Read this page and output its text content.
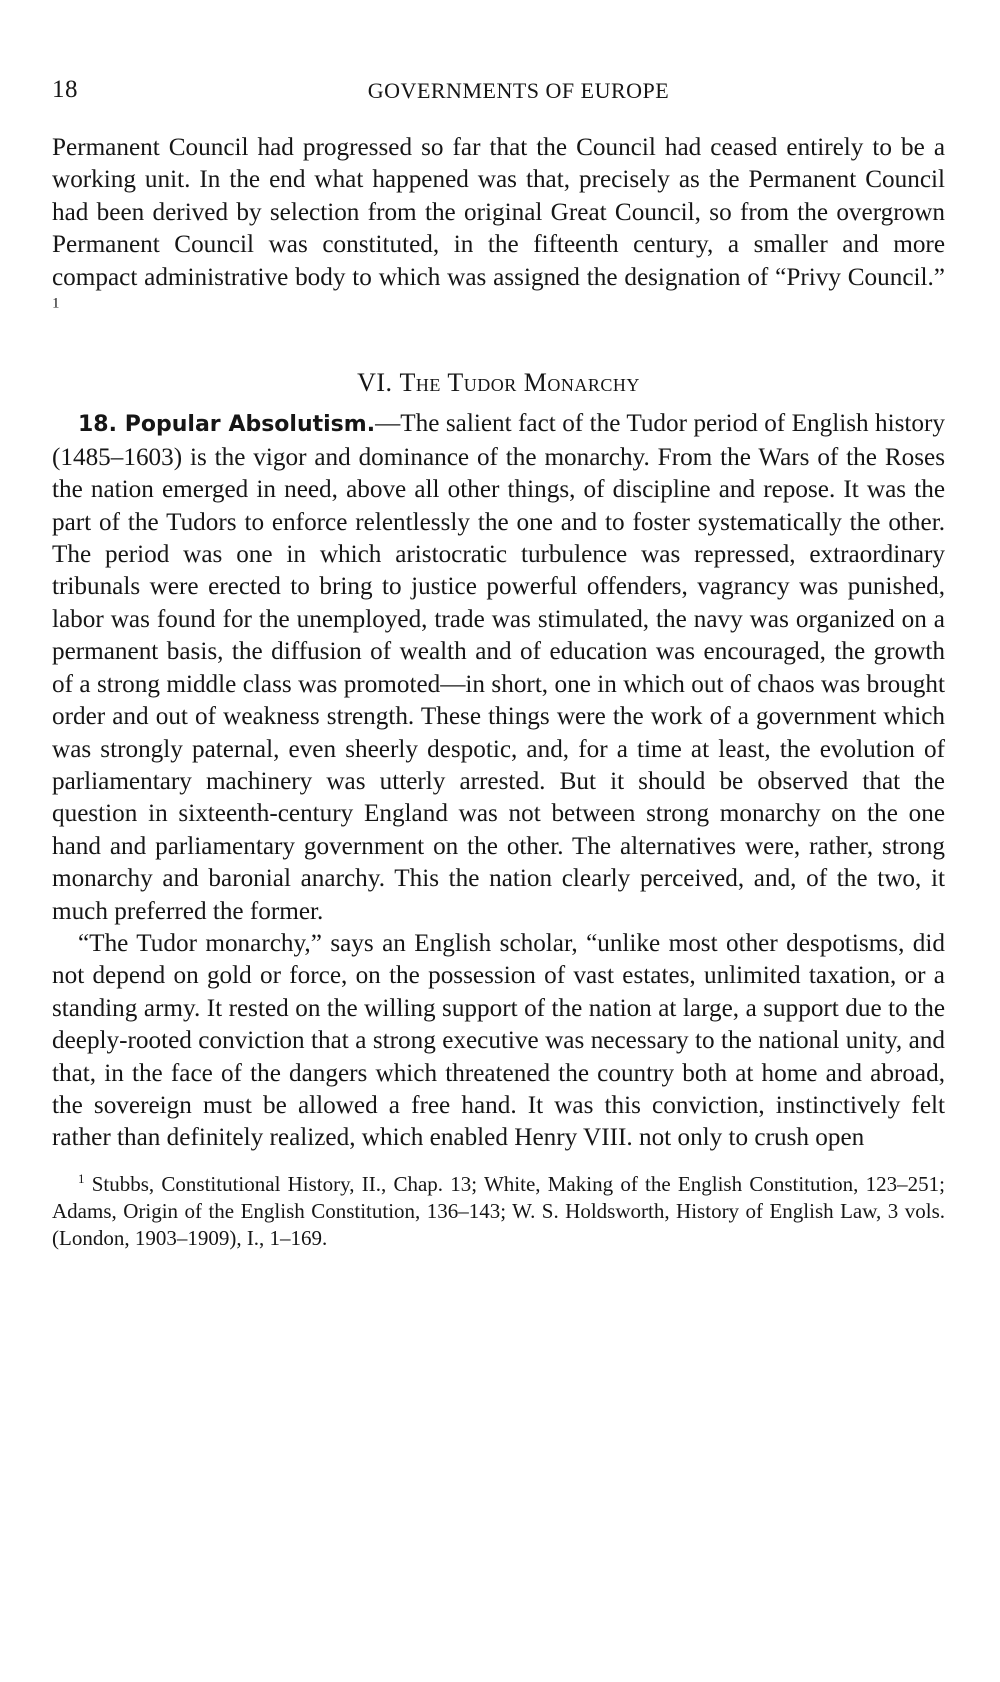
18	GOVERNMENTS OF EUROPE

Permanent Council had progressed so far that the Council had ceased entirely to be a working unit. In the end what happened was that, precisely as the Permanent Council had been derived by selection from the original Great Council, so from the overgrown Permanent Council was constituted, in the fifteenth century, a smaller and more compact administrative body to which was assigned the designation of “Privy Council.” $^1$

VI. The Tudor Monarchy

18. Popular Absolutism.—The salient fact of the Tudor period of English history (1485–1603) is the vigor and dominance of the monarchy. From the Wars of the Roses the nation emerged in need, above all other things, of discipline and repose. It was the part of the Tudors to enforce relentlessly the one and to foster systematically the other. The period was one in which aristocratic turbulence was repressed, extraordinary tribunals were erected to bring to justice powerful offenders, vagrancy was punished, labor was found for the unemployed, trade was stimulated, the navy was organized on a permanent basis, the diffusion of wealth and of education was encouraged, the growth of a strong middle class was promoted—in short, one in which out of chaos was brought order and out of weakness strength. These things were the work of a government which was strongly paternal, even sheerly despotic, and, for a time at least, the evolution of parliamentary machinery was utterly arrested. But it should be observed that the question in sixteenth-century England was not between strong monarchy on the one hand and parliamentary government on the other. The alternatives were, rather, strong monarchy and baronial anarchy. This the nation clearly perceived, and, of the two, it much preferred the former.

“The Tudor monarchy,” says an English scholar, “unlike most other despotisms, did not depend on gold or force, on the possession of vast estates, unlimited taxation, or a standing army. It rested on the willing support of the nation at large, a support due to the deeply-rooted conviction that a strong executive was necessary to the national unity, and that, in the face of the dangers which threatened the country both at home and abroad, the sovereign must be allowed a free hand. It was this conviction, instinctively felt rather than definitely realized, which enabled Henry VIII. not only to crush open

$^1$ Stubbs, Constitutional History, II., Chap. 13; White, Making of the English Constitution, 123–251; Adams, Origin of the English Constitution, 136–143; W. S. Holdsworth, History of English Law, 3 vols. (London, 1903–1909), I., 1–169.
